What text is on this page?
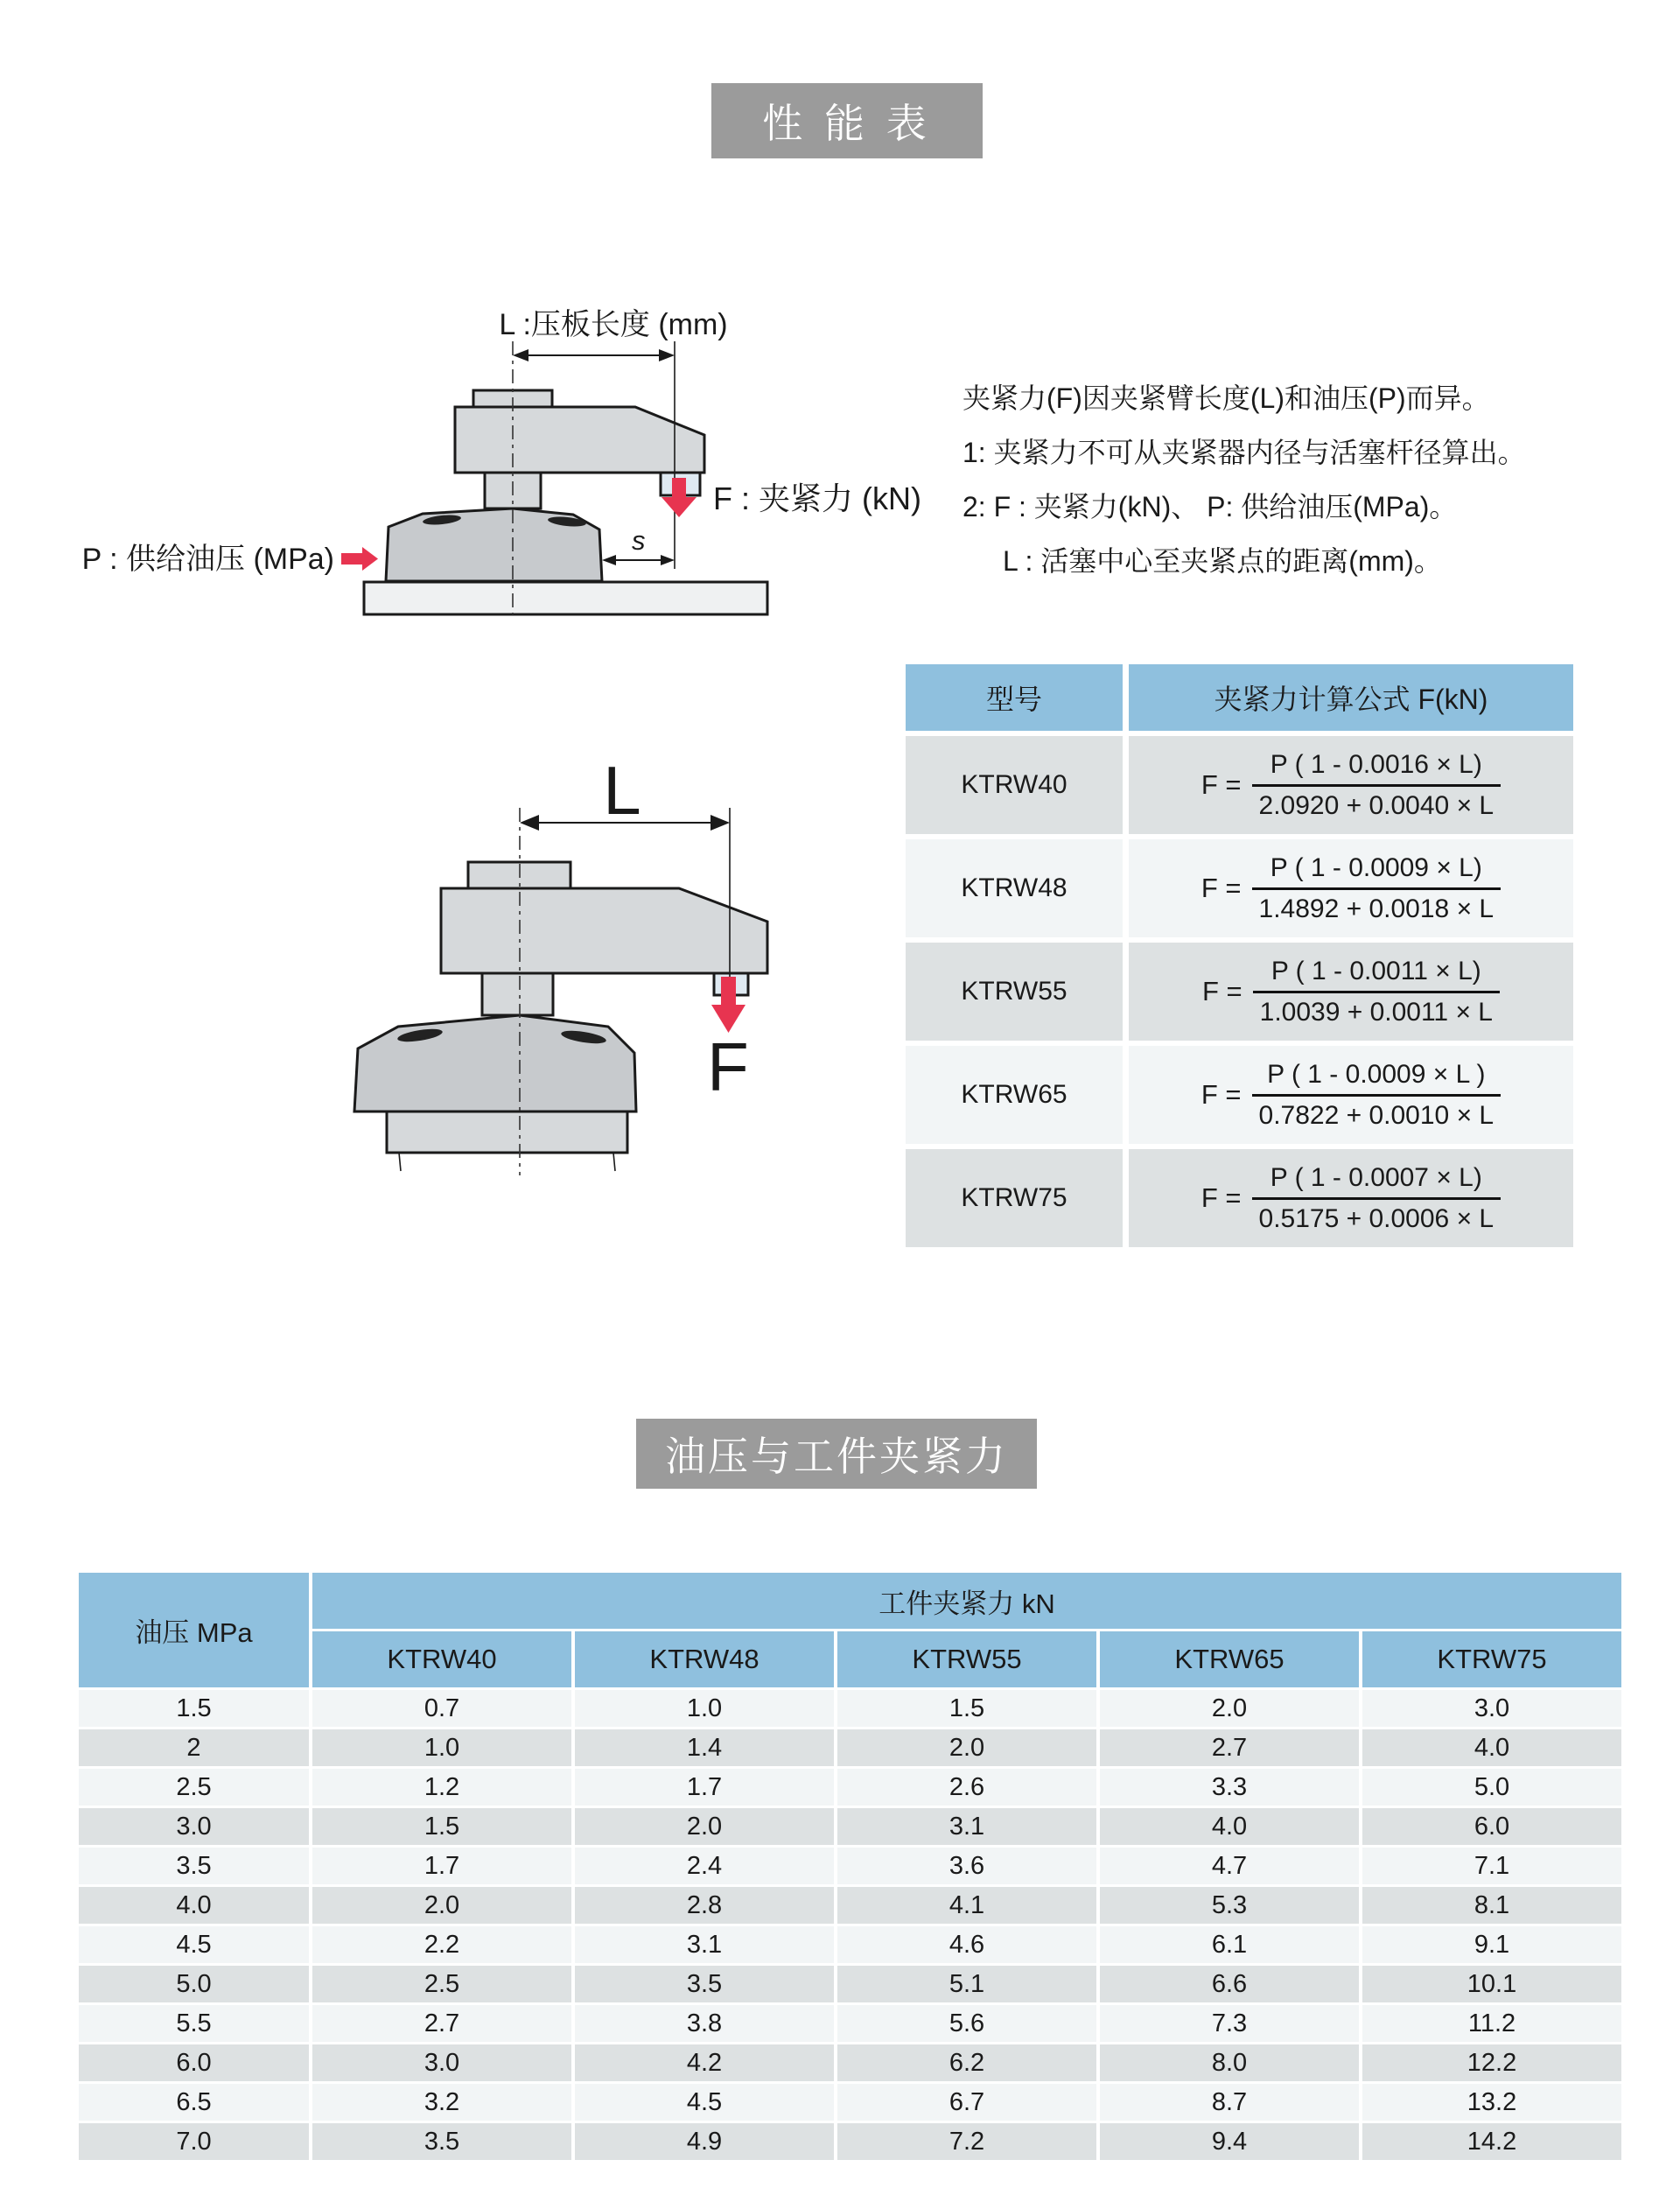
性 能 表
L :压板长度 (mm)
F : 夹紧力 (kN)
P : 供给油压 (MPa)
s
夹紧力(F)因夹紧臂长度(L)和油压(P)而异。
1: 夹紧力不可从夹紧器内径与活塞杆径算出。
2: F : 夹紧力(kN)、 P: 供给油压(MPa)。
L : 活塞中心至夹紧点的距离(mm)。
型号	夹紧力计算公式 F(kN)
KTRW40	$F = \frac{P ( 1 - 0.0016 \times L)}{2.0920 + 0.0040 \times L}$

KTRW48	$F = \frac{P ( 1 - 0.0009 \times L)}{1.4892 + 0.0018 \times L}$

KTRW55	$F = \frac{P ( 1 - 0.0011 \times L)}{1.0039 + 0.0011 \times L}$

KTRW65	$F = \frac{P ( 1 - 0.0009 \times L )}{0.7822 + 0.0010 \times L}$

KTRW75	$F = \frac{P ( 1 - 0.0007 \times L)}{0.5175 + 0.0006 \times L}$
L
F
油压与工件夹紧力
油压 MPa	工件夹紧力 kN				
	KTRW40	KTRW48	KTRW55	KTRW65	KTRW75
1.5	0.7	1.0	1.5	2.0	3.0
2	1.0	1.4	2.0	2.7	4.0
2.5	1.2	1.7	2.6	3.3	5.0
3.0	1.5	2.0	3.1	4.0	6.0
3.5	1.7	2.4	3.6	4.7	7.1
4.0	2.0	2.8	4.1	5.3	8.1
4.5	2.2	3.1	4.6	6.1	9.1
5.0	2.5	3.5	5.1	6.6	10.1
5.5	2.7	3.8	5.6	7.3	11.2
6.0	3.0	4.2	6.2	8.0	12.2
6.5	3.2	4.5	6.7	8.7	13.2
7.0	3.5	4.9	7.2	9.4	14.2
